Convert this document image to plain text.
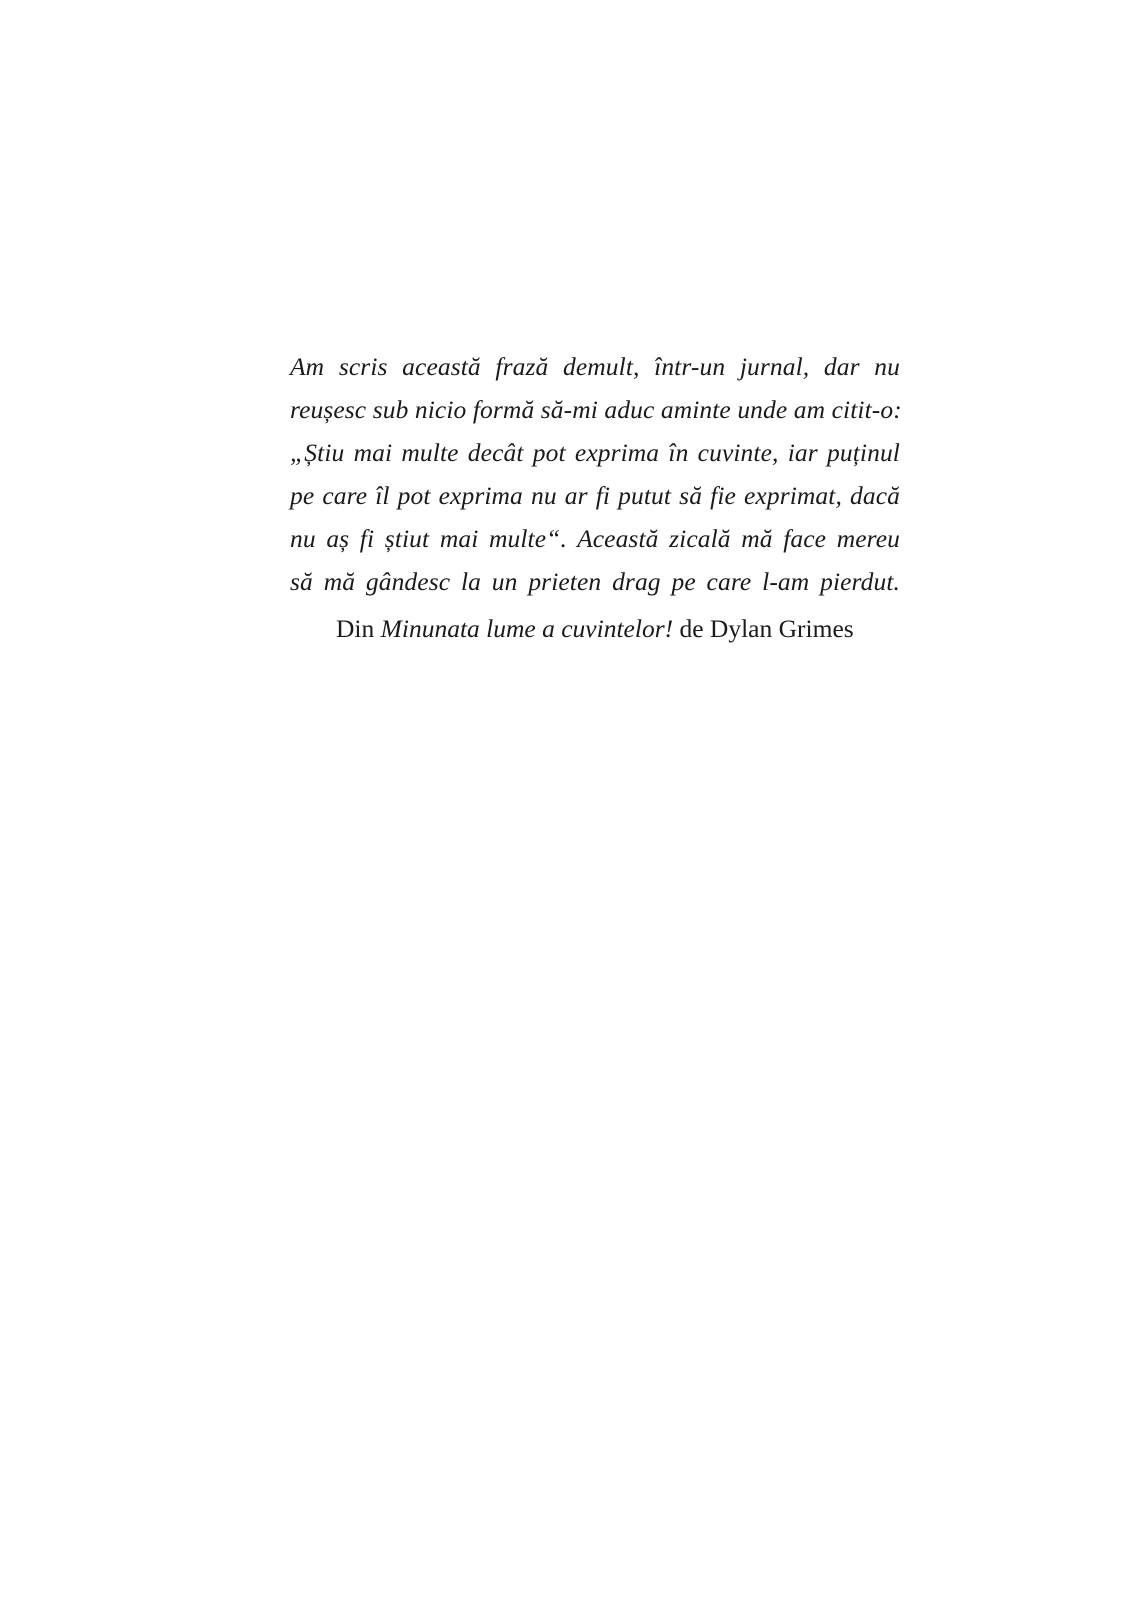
Am scris această frază demult, într-un jurnal, dar nu
reușesc sub nicio formă să-mi aduc aminte unde am citit-o:
„Știu mai multe decât pot exprima în cuvinte, iar puținul
pe care îl pot exprima nu ar fi putut să fie exprimat, dacă
nu aș fi știut mai multe“. Această zicală mă face mereu
să mă gândesc la un prieten drag pe care l-am pierdut.

Din Minunata lume a cuvintelor! de Dylan Grimes
